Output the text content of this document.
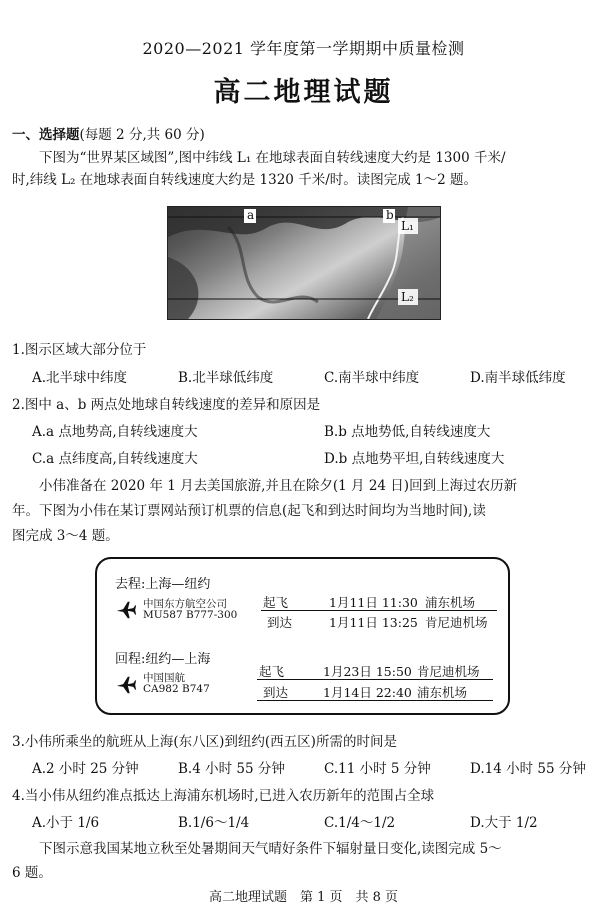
2020—2021 学年度第一学期期中质量检测
高二地理试题
一、选择题(每题 2 分,共 60 分)
下图为“世界某区域图”,图中纬线 L₁ 在地球表面自转线速度大约是 1300 千米/
时,纬线 L₂ 在地球表面自转线速度大约是 1320 千米/时。读图完成 1～2 题。
a	b
L₁
L₂
1.图示区域大部分位于
A.北半球中纬度	B.北半球低纬度	C.南半球中纬度	D.南半球低纬度
2.图中 a、b 两点处地球自转线速度的差异和原因是
A.a 点地势高,自转线速度大	B.b 点地势低,自转线速度大
C.a 点纬度高,自转线速度大	D.b 点地势平坦,自转线速度大
小伟准备在 2020 年 1 月去美国旅游,并且在除夕(1 月 24 日)回到上海过农历新
年。下图为小伟在某订票网站预订机票的信息(起飞和到达时间均为当地时间),读
图完成 3～4 题。
去程:上海—纽约
中国东方航空公司
MU587 B777-300
起飞	1月11日 11:30 浦东机场
到达	1月11日 13:25 肯尼迪机场
回程:纽约—上海
中国国航
CA982 B747
起飞	1月23日 15:50 肯尼迪机场
到达	1月14日 22:40 浦东机场
3.小伟所乘坐的航班从上海(东八区)到纽约(西五区)所需的时间是
A.2 小时 25 分钟	B.4 小时 55 分钟	C.11 小时 5 分钟	D.14 小时 55 分钟
4.当小伟从纽约准点抵达上海浦东机场时,已进入农历新年的范围占全球
A.小于 1/6	B.1/6～1/4	C.1/4～1/2	D.大于 1/2
下图示意我国某地立秋至处暑期间天气晴好条件下辐射量日变化,读图完成 5～
6 题。
高二地理试题　第 1 页　共 8 页
